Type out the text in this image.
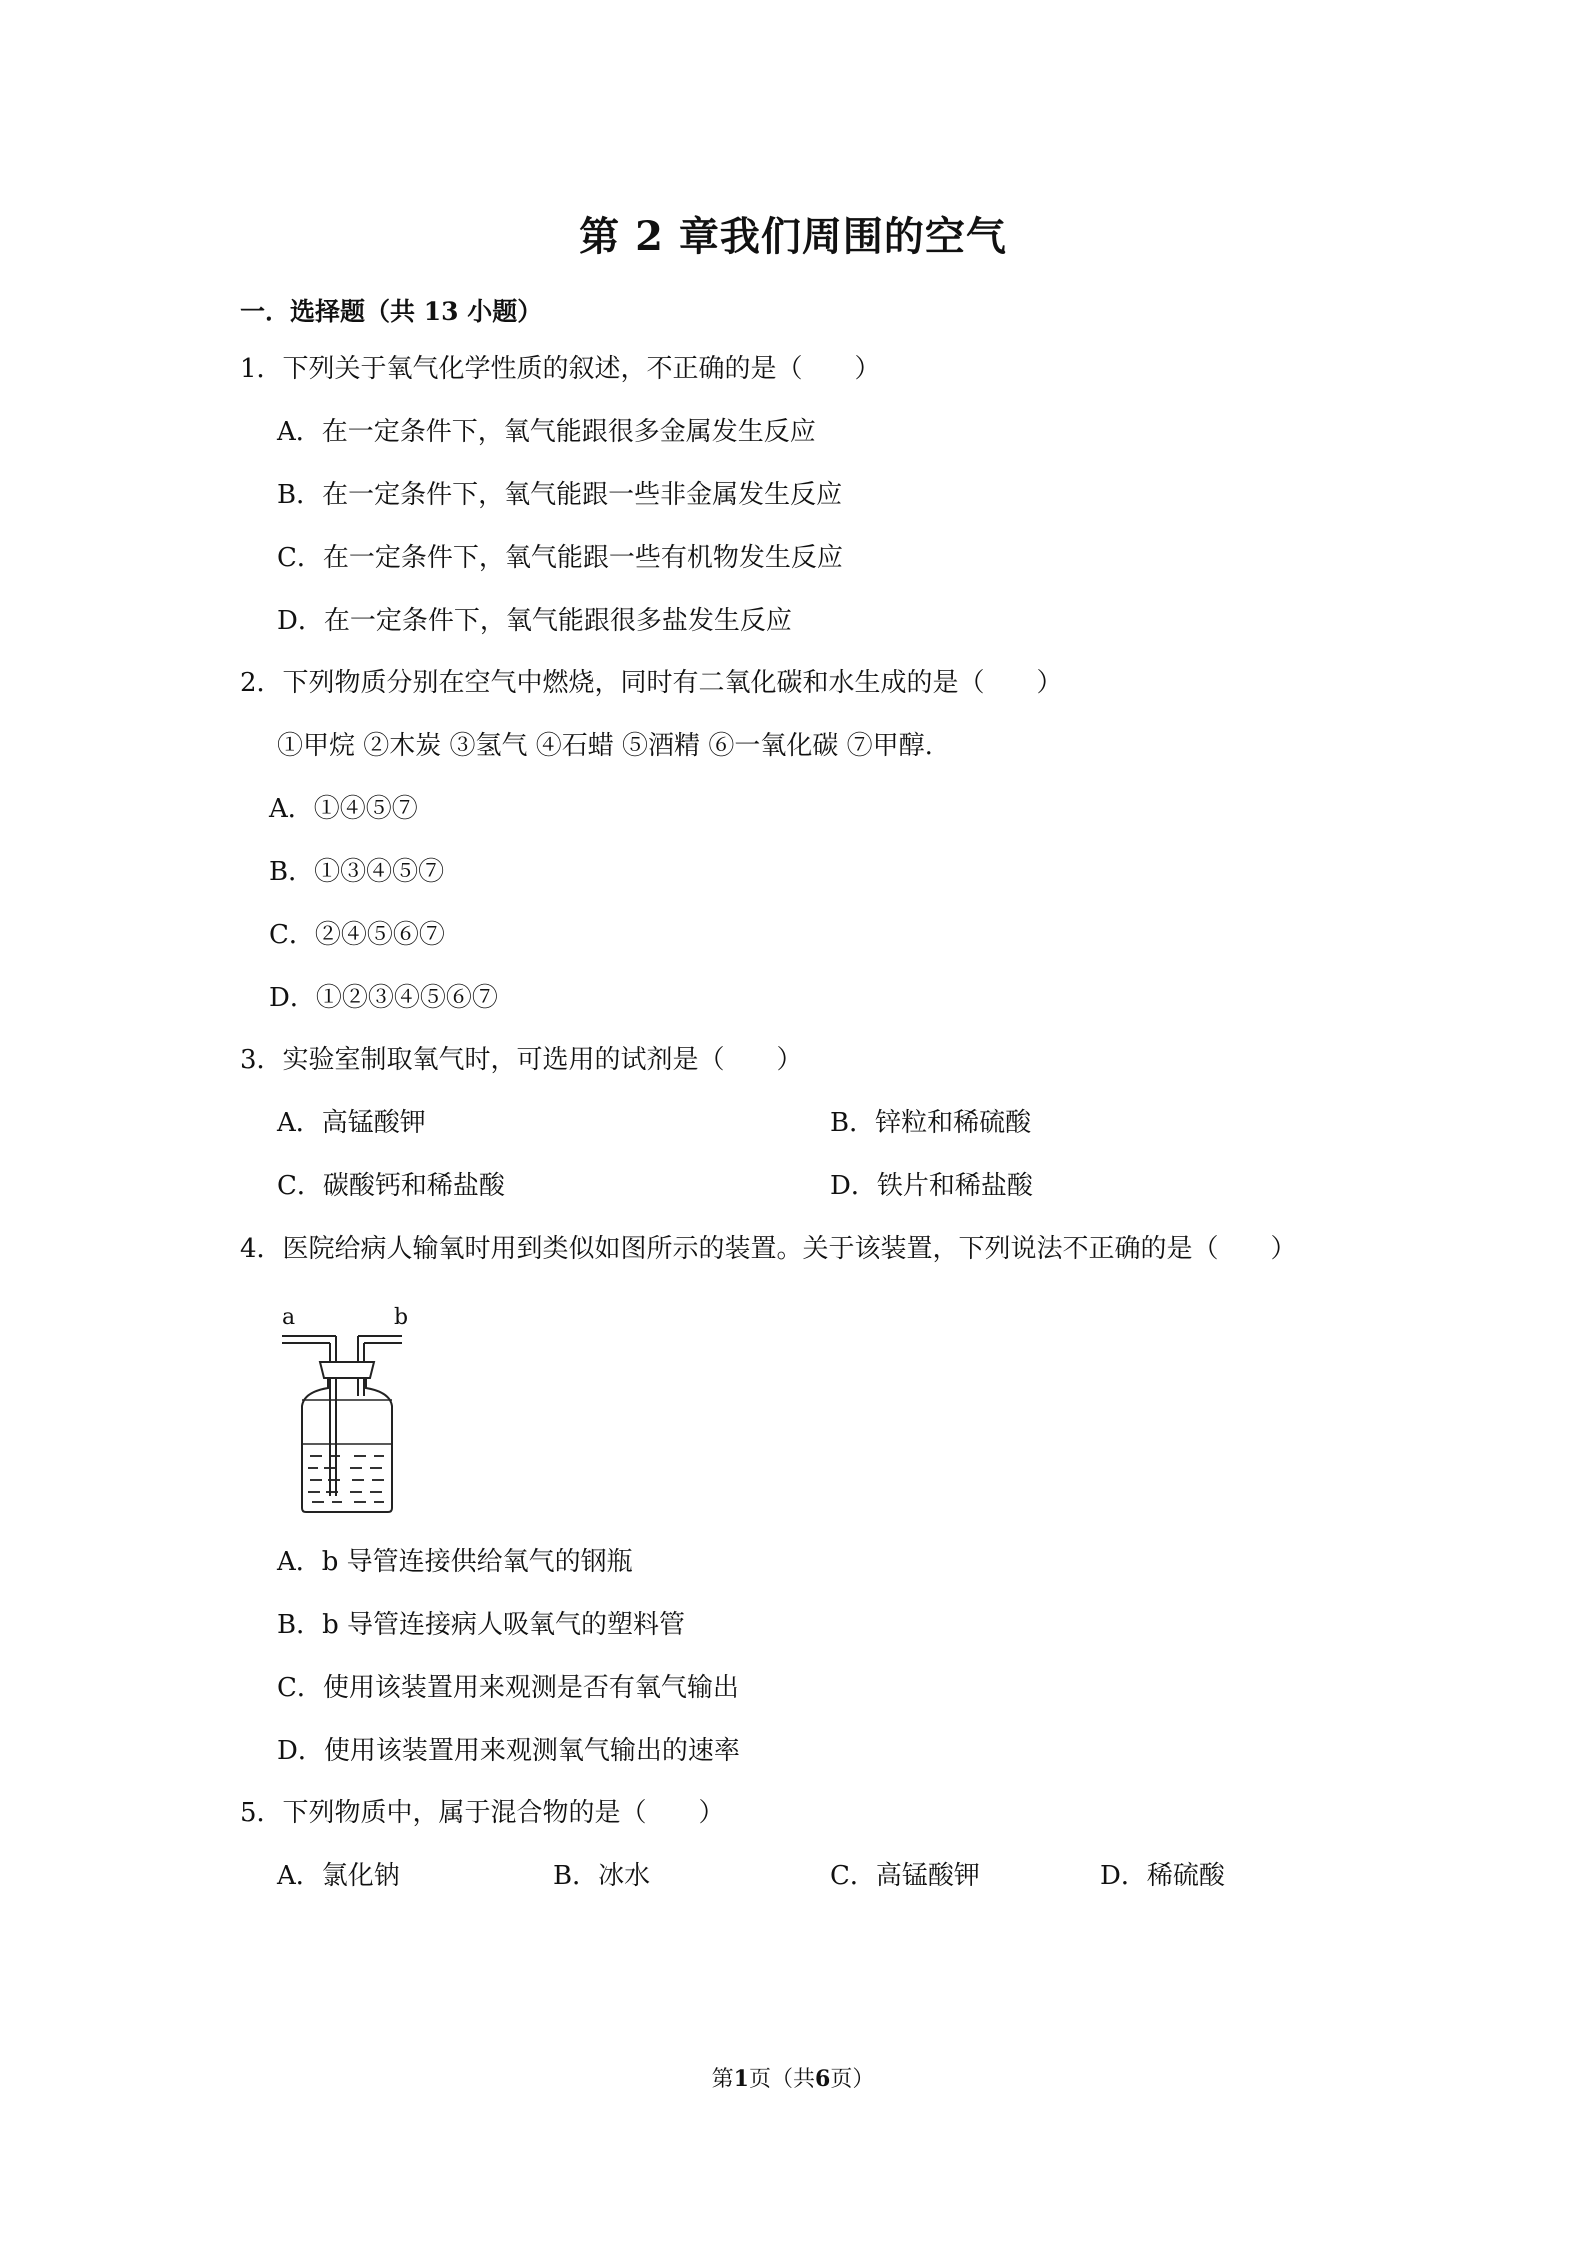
第 2 章我们周围的空气
一．选择题（共 13 小题）
1．下列关于氧气化学性质的叙述，不正确的是（　　）
A．在一定条件下，氧气能跟很多金属发生反应
B．在一定条件下，氧气能跟一些非金属发生反应
C．在一定条件下，氧气能跟一些有机物发生反应
D．在一定条件下，氧气能跟很多盐发生反应
2．下列物质分别在空气中燃烧，同时有二氧化碳和水生成的是（　　）
①甲烷 ②木炭 ③氢气 ④石蜡 ⑤酒精 ⑥一氧化碳 ⑦甲醇.
A．①④⑤⑦
B．①③④⑤⑦
C．②④⑤⑥⑦
D．①②③④⑤⑥⑦
3．实验室制取氧气时，可选用的试剂是（　　）
A．高锰酸钾	B．锌粒和稀硫酸
C．碳酸钙和稀盐酸	D．铁片和稀盐酸
4．医院给病人输氧时用到类似如图所示的装置。关于该装置，下列说法不正确的是（　　）
a	b
A．b 导管连接供给氧气的钢瓶
B．b 导管连接病人吸氧气的塑料管
C．使用该装置用来观测是否有氧气输出
D．使用该装置用来观测氧气输出的速率
5．下列物质中，属于混合物的是（　　）
A．氯化钠	B．冰水	C．高锰酸钾	D．稀硫酸
第1页（共6页）
